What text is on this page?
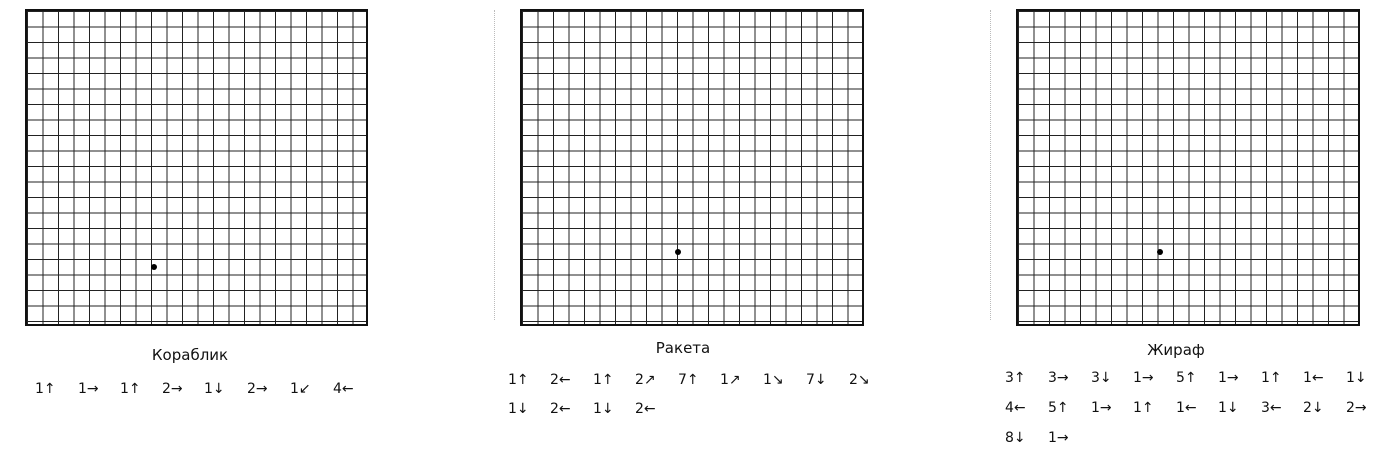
Кораблик
1↑ 1→ 1↑ 2→ 1↓ 2→ 1↙ 4←
Ракета
1↑ 2← 1↑ 2↗ 7↑ 1↗ 1↘ 7↓ 2↘
1↓ 2← 1↓ 2←
Жираф
3↑ 3→ 3↓ 1→ 5↑ 1→ 1↑ 1← 1↓
4← 5↑ 1→ 1↑ 1← 1↓ 3← 2↓ 2→
8↓ 1→
